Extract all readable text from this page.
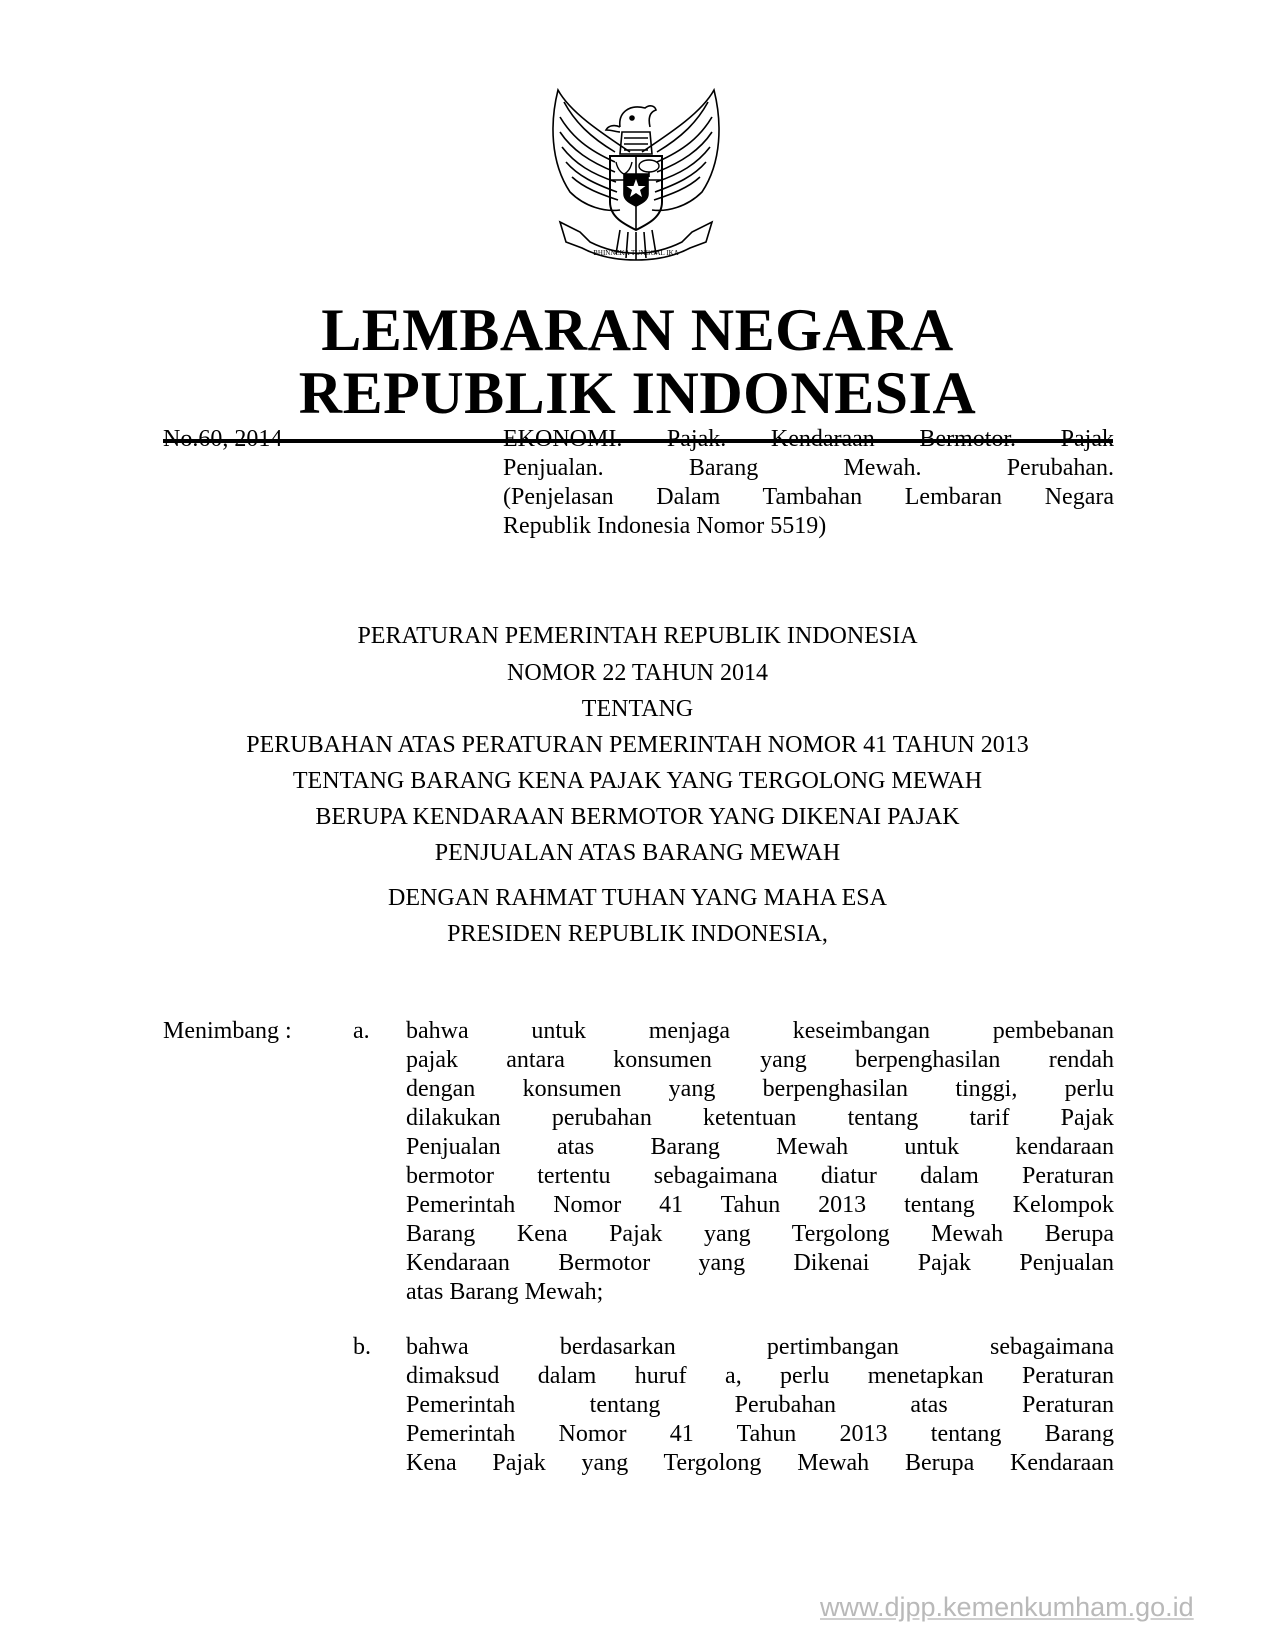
BHINNEKA TUNGGAL IKA
LEMBARAN NEGARA
REPUBLIK INDONESIA
No.60, 2014	EKONOMI. Pajak. Kendaraan Bermotor. Pajak
Penjualan. Barang Mewah. Perubahan.
(Penjelasan Dalam Tambahan Lembaran Negara
Republik Indonesia Nomor 5519)
PERATURAN PEMERINTAH REPUBLIK INDONESIA
NOMOR 22 TAHUN 2014
TENTANG
PERUBAHAN ATAS PERATURAN PEMERINTAH NOMOR 41 TAHUN 2013
TENTANG BARANG KENA PAJAK YANG TERGOLONG MEWAH
BERUPA KENDARAAN BERMOTOR YANG DIKENAI PAJAK
PENJUALAN ATAS BARANG MEWAH
DENGAN RAHMAT TUHAN YANG MAHA ESA
PRESIDEN REPUBLIK INDONESIA,
Menimbang :	a. bahwa untuk menjaga keseimbangan pembebanan
pajak antara konsumen yang berpenghasilan rendah
dengan konsumen yang berpenghasilan tinggi, perlu
dilakukan perubahan ketentuan tentang tarif Pajak
Penjualan atas Barang Mewah untuk kendaraan
bermotor tertentu sebagaimana diatur dalam Peraturan
Pemerintah Nomor 41 Tahun 2013 tentang Kelompok
Barang Kena Pajak yang Tergolong Mewah Berupa
Kendaraan Bermotor yang Dikenai Pajak Penjualan
atas Barang Mewah;
b. bahwa berdasarkan pertimbangan sebagaimana
dimaksud dalam huruf a, perlu menetapkan Peraturan
Pemerintah tentang Perubahan atas Peraturan
Pemerintah Nomor 41 Tahun 2013 tentang Barang
Kena Pajak yang Tergolong Mewah Berupa Kendaraan
www.djpp.kemenkumham.go.id
